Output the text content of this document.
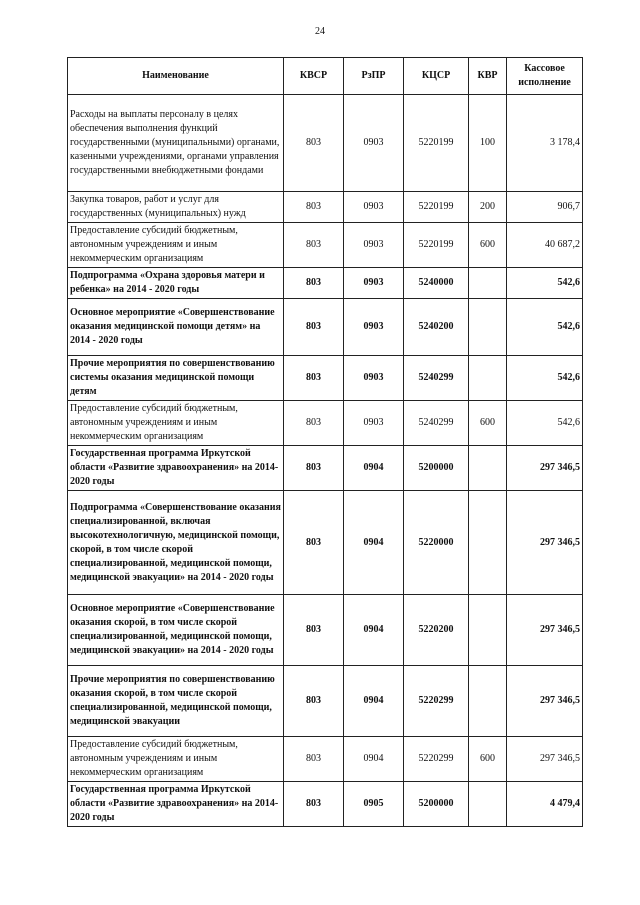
24
Наименование	КВСР	РзПР	КЦСР	КВР	Кассовое исполнение
Расходы на выплаты персоналу в целях обеспечения выполнения функций государственными (муниципальными) органами, казенными учреждениями, органами управления государственными внебюджетными фондами	803	0903	5220199	100	3 178,4
Закупка товаров, работ и услуг для государственных (муниципальных) нужд	803	0903	5220199	200	906,7
Предоставление субсидий бюджетным, автономным учреждениям и иным некоммерческим организациям	803	0903	5220199	600	40 687,2
Подпрограмма «Охрана здоровья матери и ребенка» на 2014 - 2020 годы	803	0903	5240000		542,6
Основное мероприятие «Совершенствование оказания медицинской помощи детям» на 2014 - 2020 годы	803	0903	5240200		542,6
Прочие мероприятия по совершенствованию системы оказания медицинской помощи детям	803	0903	5240299		542,6
Предоставление субсидий бюджетным, автономным учреждениям и иным некоммерческим организациям	803	0903	5240299	600	542,6
Государственная программа Иркутской области «Развитие здравоохранения» на 2014-2020 годы	803	0904	5200000		297 346,5
Подпрограмма «Совершенствование оказания специализированной, включая высокотехнологичную, медицинской помощи, скорой, в том числе скорой специализированной, медицинской помощи, медицинской эвакуации» на 2014 - 2020 годы	803	0904	5220000		297 346,5
Основное мероприятие «Совершенствование оказания скорой, в том числе скорой специализированной, медицинской помощи, медицинской эвакуации» на 2014 - 2020 годы	803	0904	5220200		297 346,5
Прочие мероприятия по совершенствованию оказания скорой, в том числе скорой специализированной, медицинской помощи, медицинской эвакуации	803	0904	5220299		297 346,5
Предоставление субсидий бюджетным, автономным учреждениям и иным некоммерческим организациям	803	0904	5220299	600	297 346,5
Государственная программа Иркутской области «Развитие здравоохранения» на 2014-2020 годы	803	0905	5200000		4 479,4
